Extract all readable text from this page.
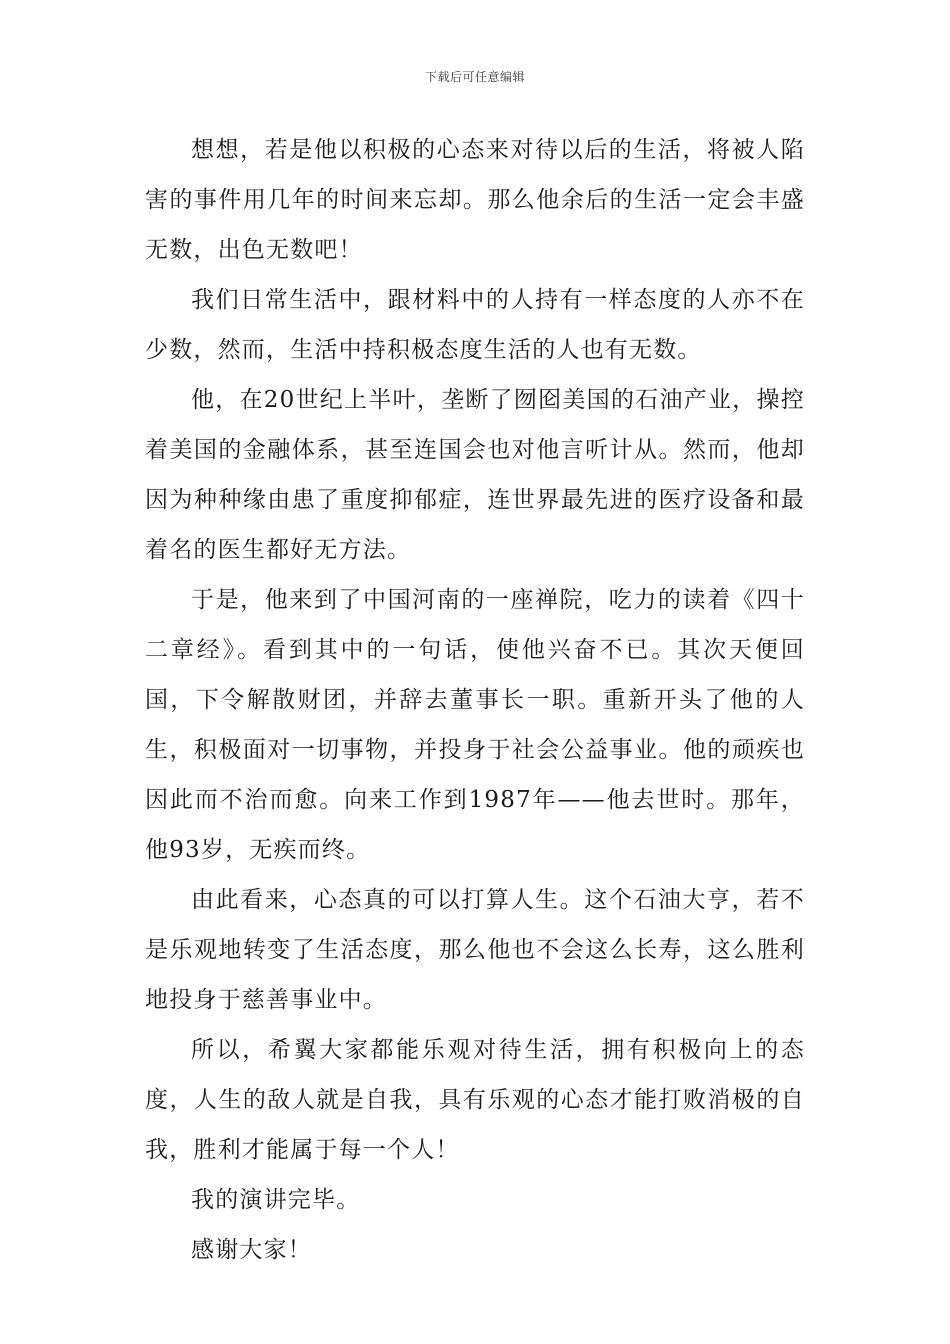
下载后可任意编辑

想想，若是他以积极的心态来对待以后的生活，将被人陷害的事件用几年的时间来忘却。那么他余后的生活一定会丰盛无数，出色无数吧！

我们日常生活中，跟材料中的人持有一样态度的人亦不在少数，然而，生活中持积极态度生活的人也有无数。

他，在20世纪上半叶，垄断了囫囵美国的石油产业，操控着美国的金融体系，甚至连国会也对他言听计从。然而，他却因为种种缘由患了重度抑郁症，连世界最先进的医疗设备和最着名的医生都好无方法。

于是，他来到了中国河南的一座禅院，吃力的读着《四十二章经》。看到其中的一句话，使他兴奋不已。其次天便回国，下令解散财团，并辞去董事长一职。重新开头了他的人生，积极面对一切事物，并投身于社会公益事业。他的顽疾也因此而不治而愈。向来工作到1987年——他去世时。那年，他93岁，无疾而终。

由此看来，心态真的可以打算人生。这个石油大亨，若不是乐观地转变了生活态度，那么他也不会这么长寿，这么胜利地投身于慈善事业中。

所以，希翼大家都能乐观对待生活，拥有积极向上的态度，人生的敌人就是自我，具有乐观的心态才能打败消极的自我，胜利才能属于每一个人！

我的演讲完毕。

感谢大家！
